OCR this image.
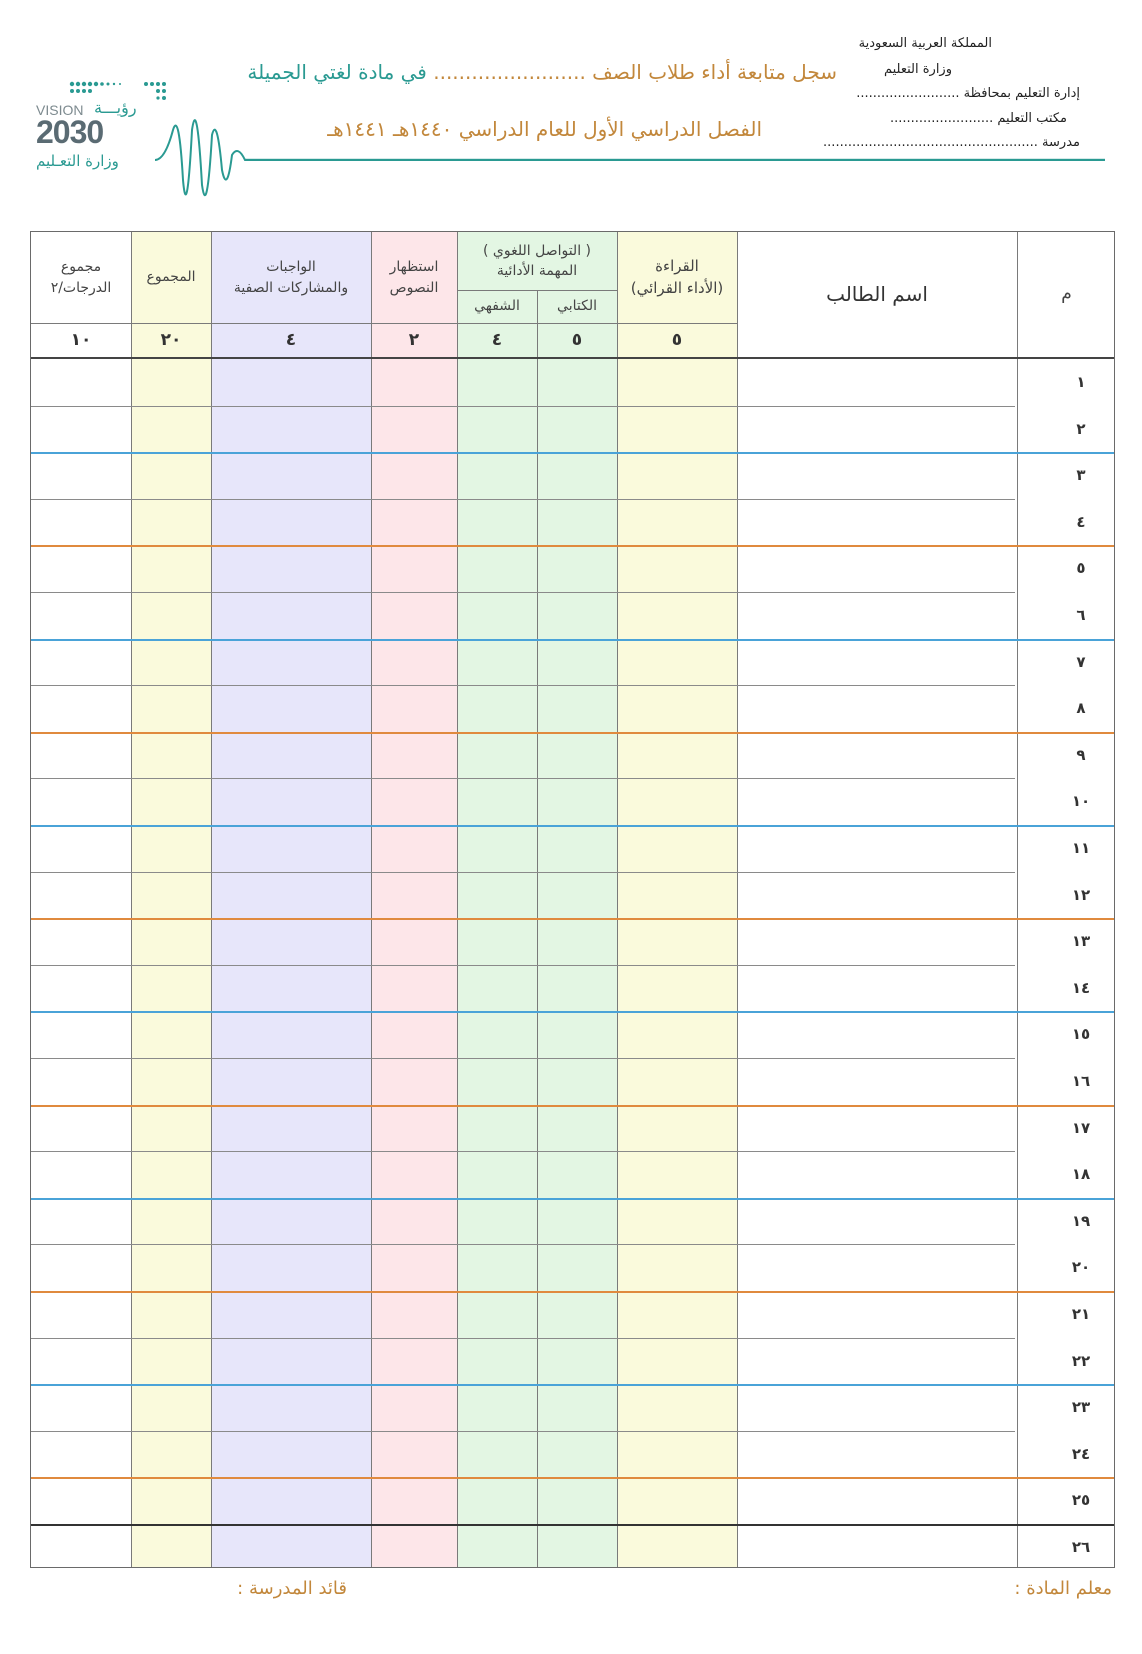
المملكة العربية السعودية
وزارة التعليم
إدارة التعليم بمحافظة .........................
مكتب التعليم .........................
مدرسة ....................................................
سجل متابعة أداء طلاب الصف ........................ في مادة لغتي الجميلة
الفصل الدراسي الأول للعام الدراسي ١٤٤٠هـ ١٤٤١هـ
VISION رؤيـــة
2030
وزارة التعـليم
م
اسم الطالب
القراءة
(الأداء القرائي)
( التواصل اللغوي )
المهمة الأدائية
الكتابي
الشفهي
استظهار
النصوص
الواجبات
والمشاركات الصفية
المجموع
مجموع
الدرجات/٢
٥
٥
٤
٢
٤
٢٠
١٠
١
٢
٣
٤
٥
٦
٧
٨
٩
١٠
١١
١٢
١٣
١٤
١٥
١٦
١٧
١٨
١٩
٢٠
٢١
٢٢
٢٣
٢٤
٢٥
٢٦
معلم المادة :
قائد المدرسة :
